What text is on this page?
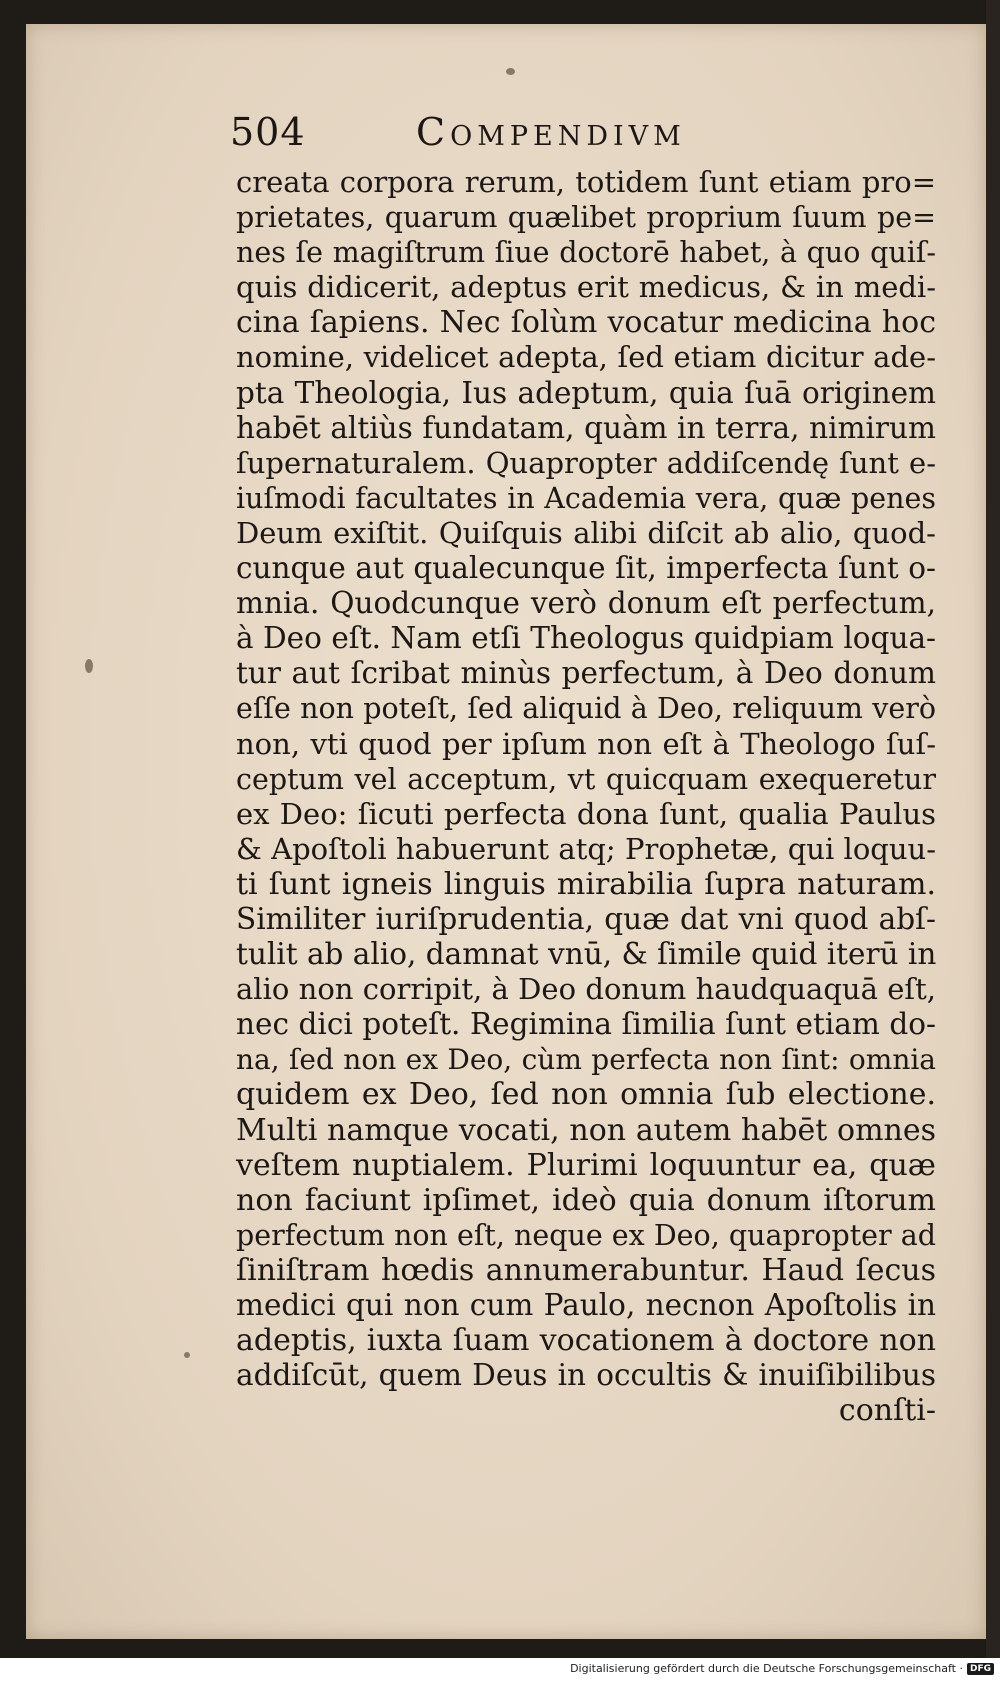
504	Compendivm
creata corpora rerum, totidem ſunt etiam pro=
prietates, quarum quælibet proprium ſuum pe=
nes ſe magiſtrum ſiue doctorē habet, à quo quiſ-
quis didicerit, adeptus erit medicus, & in medi-
cina ſapiens. Nec ſolùm vocatur medicina hoc
nomine, videlicet adepta, ſed etiam dicitur ade-
pta Theologia, Ius adeptum, quia ſuā originem
habēt altiùs fundatam, quàm in terra, nimirum
ſupernaturalem. Quapropter addiſcendę ſunt e-
iuſmodi facultates in Academia vera, quæ penes
Deum exiſtit. Quiſquis alibi diſcit ab alio, quod-
cunque aut qualecunque ſit, imperfecta ſunt o-
mnia. Quodcunque verò donum eſt perfectum,
à Deo eſt. Nam etſi Theologus quidpiam loqua-
tur aut ſcribat minùs perfectum, à Deo donum
eſſe non poteſt, ſed aliquid à Deo, reliquum verò
non, vti quod per ipſum non eſt à Theologo ſuſ-
ceptum vel acceptum, vt quicquam exequeretur
ex Deo: ſicuti perfecta dona ſunt, qualia Paulus
& Apoſtoli habuerunt atq; Prophetæ, qui loquu-
ti ſunt igneis linguis mirabilia ſupra naturam.
Similiter iuriſprudentia, quæ dat vni quod abſ-
tulit ab alio, damnat vnū, & ſimile quid iterū in
alio non corripit, à Deo donum haudquaquā eſt,
nec dici poteſt. Regimina ſimilia ſunt etiam do-
na, ſed non ex Deo, cùm perfecta non ſint: omnia
quidem ex Deo, ſed non omnia ſub electione.
Multi namque vocati, non autem habēt omnes
veſtem nuptialem. Plurimi loquuntur ea, quæ
non faciunt ipſimet, ideò quia donum iſtorum
perfectum non eſt, neque ex Deo, quapropter ad
ſiniſtram hœdis annumerabuntur. Haud ſecus
medici qui non cum Paulo, necnon Apoſtolis in
adeptis, iuxta ſuam vocationem à doctore non
addiſcūt, quem Deus in occultis & inuiſibilibus
conſti-
Digitalisierung gefördert durch die Deutsche Forschungsgemeinschaft · DFG
